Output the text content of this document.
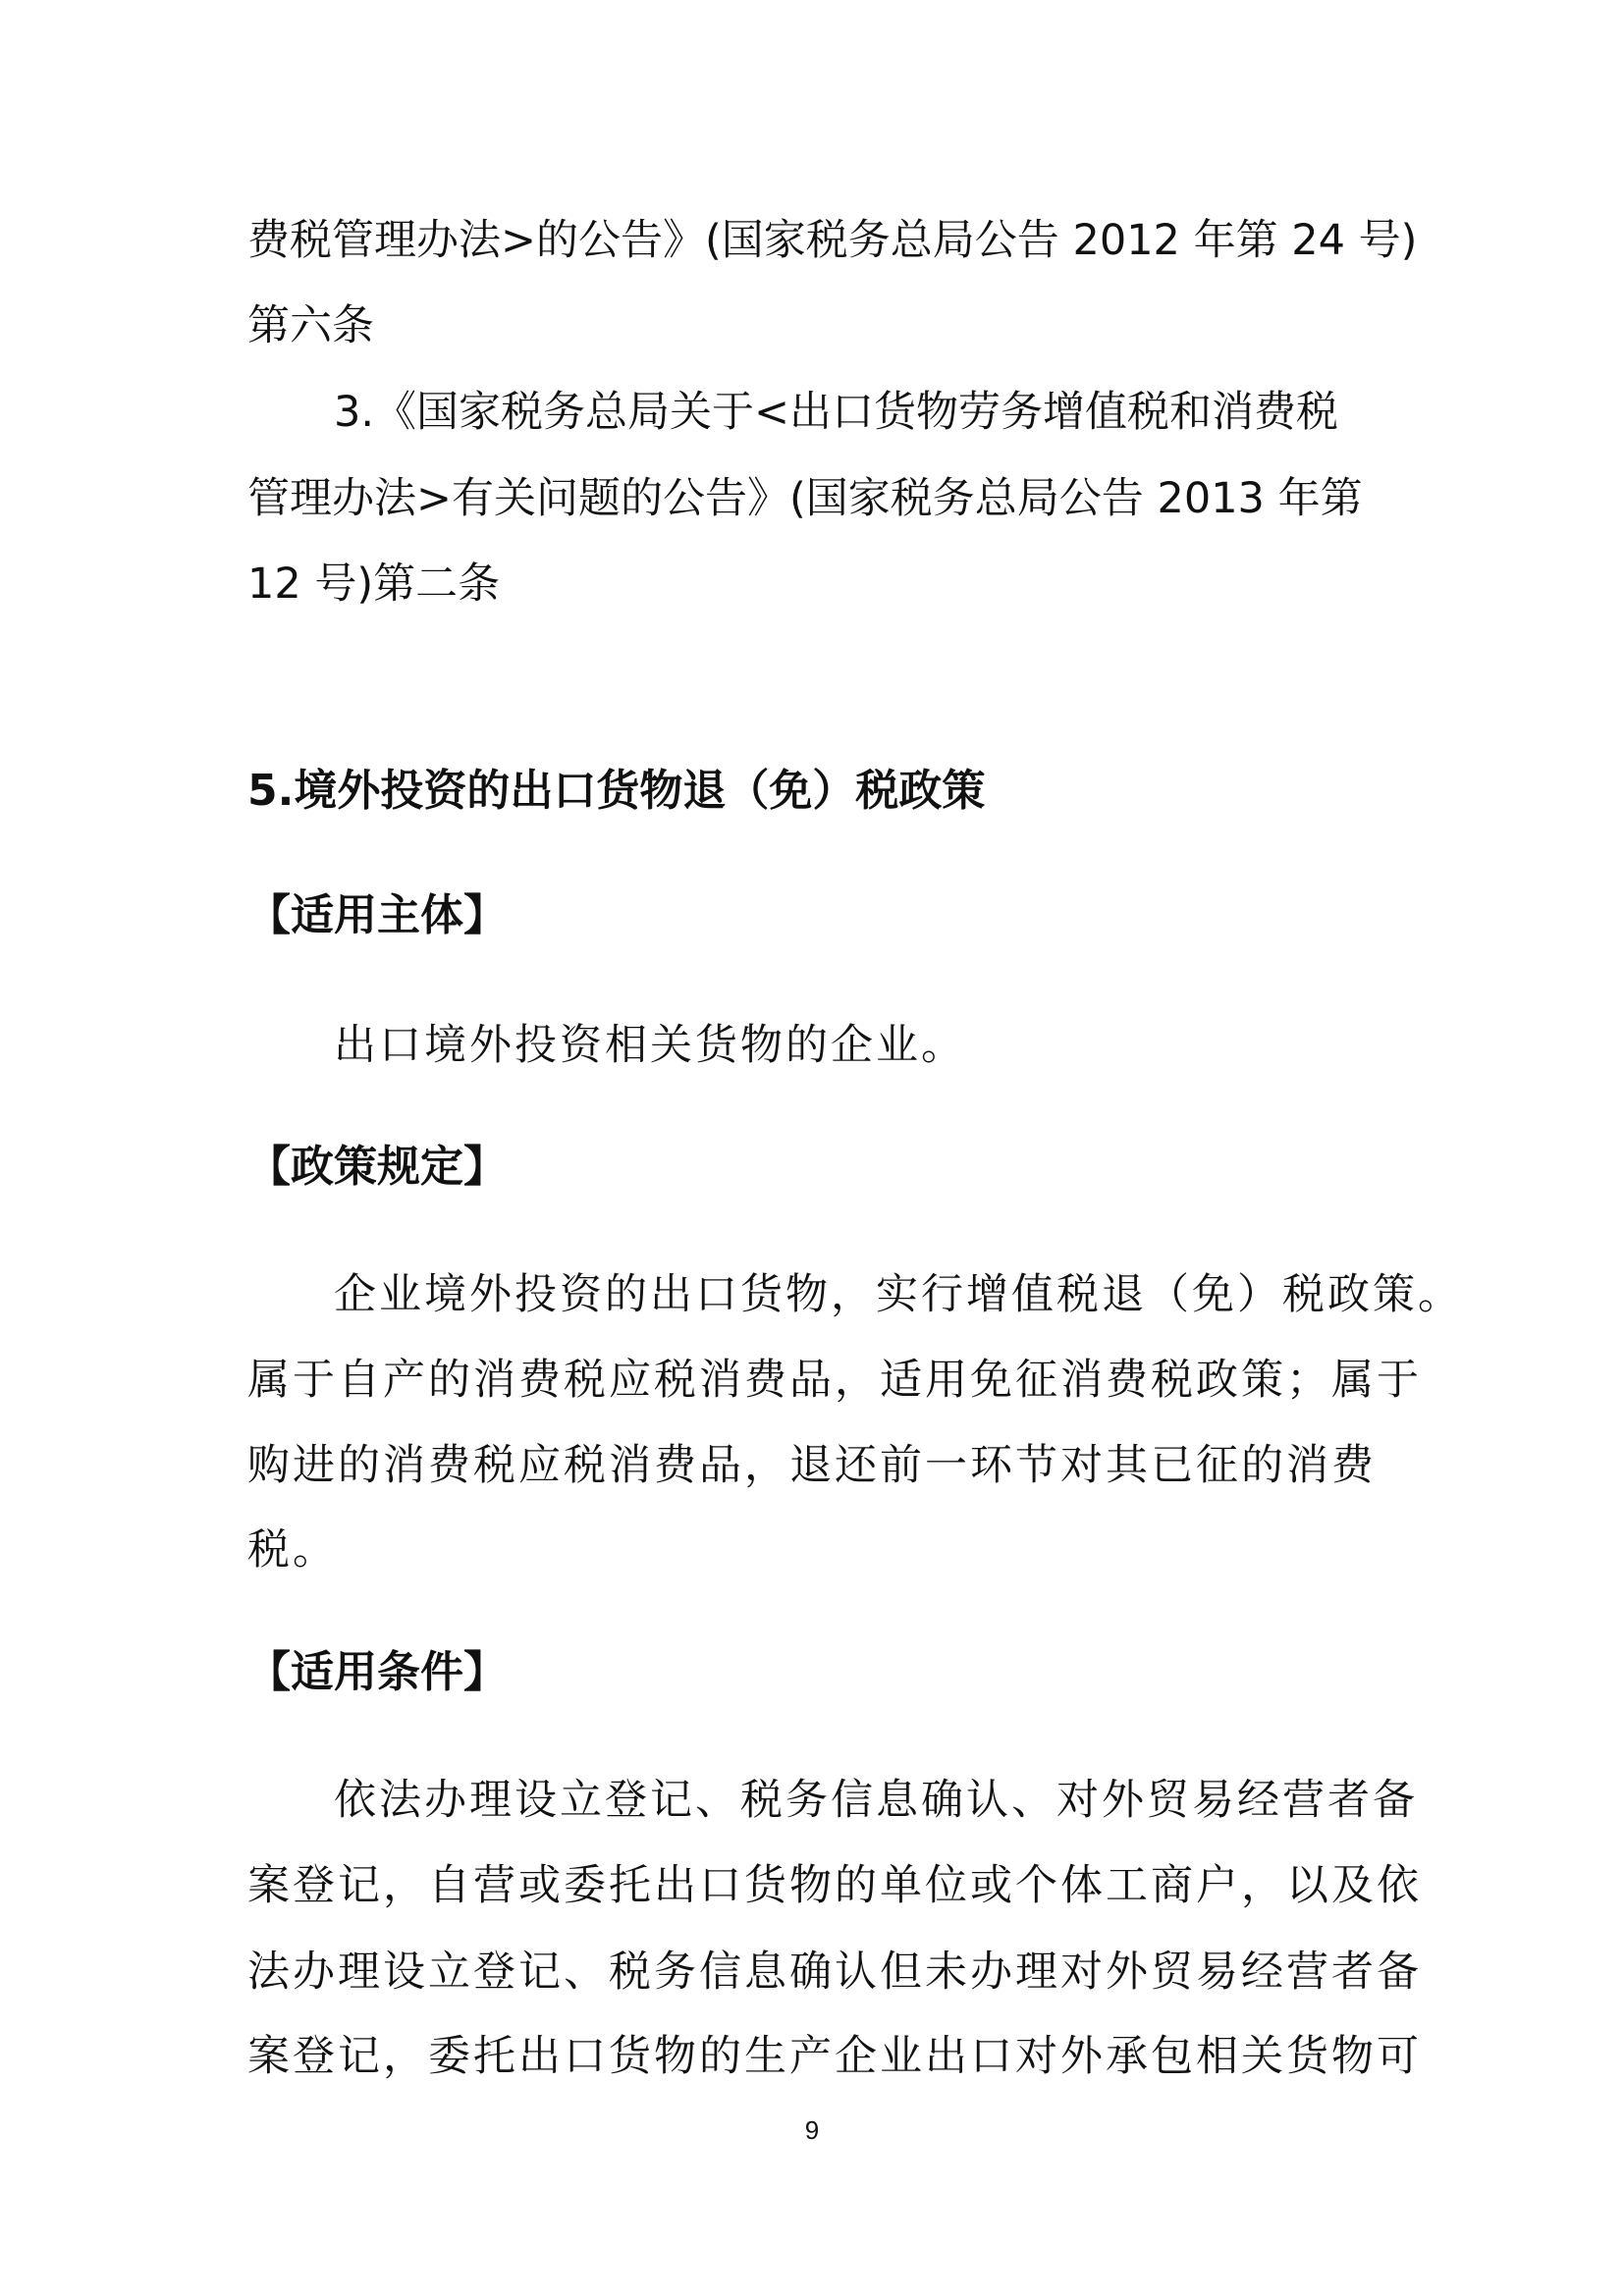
费税管理办法>的公告》(国家税务总局公告 2012 年第 24 号)
第六条
3.《国家税务总局关于<出口货物劳务增值税和消费税
管理办法>有关问题的公告》(国家税务总局公告 2013 年第
12 号)第二条
5.境外投资的出口货物退（免）税政策
【适用主体】
出口境外投资相关货物的企业。
【政策规定】
企业境外投资的出口货物，实行增值税退（免）税政策。
属于自产的消费税应税消费品，适用免征消费税政策；属于
购进的消费税应税消费品，退还前一环节对其已征的消费
税。
【适用条件】
依法办理设立登记、税务信息确认、对外贸易经营者备
案登记，自营或委托出口货物的单位或个体工商户，以及依
法办理设立登记、税务信息确认但未办理对外贸易经营者备
案登记，委托出口货物的生产企业出口对外承包相关货物可
9
